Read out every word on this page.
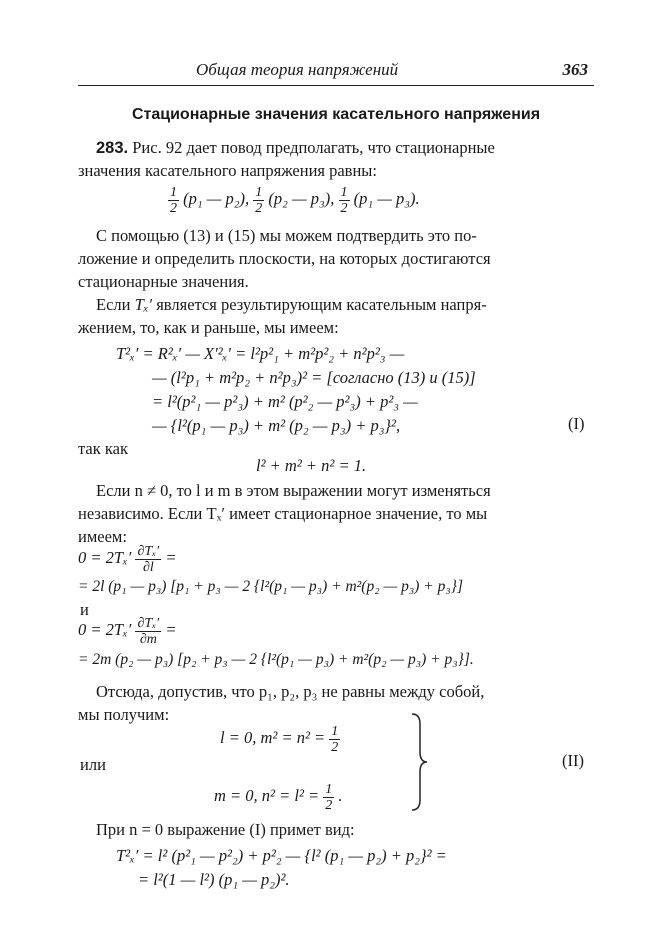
Общая теория напряжений	363
Стационарные значения касательного напряжения
283. Рис. 92 дает повод предполагать, что стационарные
значения касательного напряжения равны:
$\frac{1}{2} (p_1$ — p₂), $\frac{1}{2} (p_2$ — p₃), $\frac{1}{2} (p_1$ — p₃).
С помощью (13) и (15) мы можем подтвердить это по-
ложение и определить плоскости, на которых достигаются
стационарные значения.
Если Tₓ′ является результирующим касательным напря-
жением, то, как и раньше, мы имеем:
T²ₓ′ = R²ₓ′ — X′²ₓ′ = l²p²₁ + m²p²₂ + n²p²₃ —
— (l²p₁ + m²p₂ + n²p₃)² = [согласно (13) и (15)]
= l²(p²₁ — p²₃) + m² (p²₂ — p²₃) + p²₃ —
— {l²(p₁ — p₃) + m² (p₂ — p₃) + p₃}²,	(I)
так как
l² + m² + n² = 1.
Если n ≠ 0, то l и m в этом выражении могут изменяться
независимо. Если Tₓ′ имеет стационарное значение, то мы
имеем:
$0 = 2T_x' \frac{\text{∂Tₓ′}}{\partial l}$ =
= 2l (p₁ — p₃) [p₁ + p₃ — 2 {l²(p₁ — p₃) + m²(p₂ — p₃) + p₃}]
и
$0 = 2T_x' \frac{\text{∂Tₓ′}}{\partial m}$ =
= 2m (p₂ — p₃) [p₂ + p₃ — 2 {l²(p₁ — p₃) + m²(p₂ — p₃) + p₃}].
Отсюда, допустив, что p₁, p₂, p₃ не равны между собой,
мы получим:
l = 0, $m^2 = n^2 = \frac{1}{2}$
или
m = 0, $n^2 = l^2 = \frac{1}{2}$ .
(II)
При n = 0 выражение (I) примет вид:
T²ₓ′ = l² (p²₁ — p²₂) + p²₂ — {l² (p₁ — p₂) + p₂}² =
= l²(1 — l²) (p₁ — p₂)².
